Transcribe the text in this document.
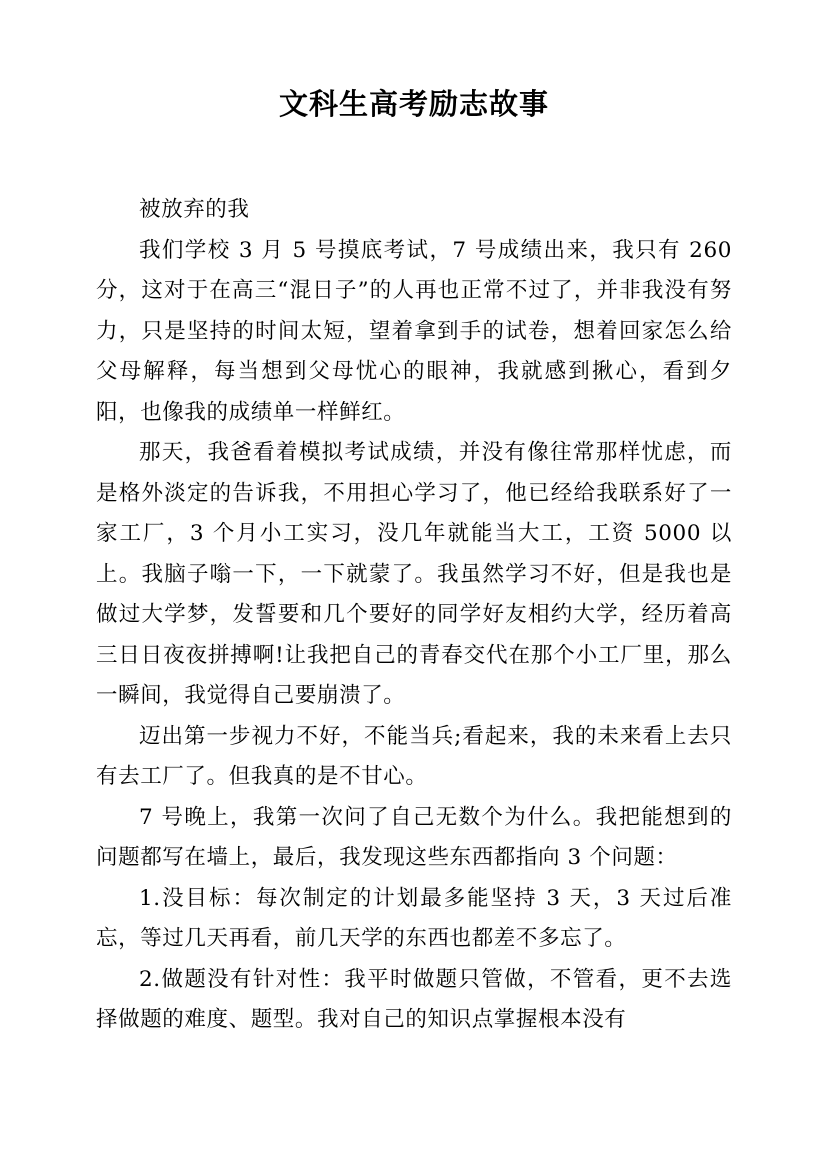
文科生高考励志故事

被放弃的我

我们学校 3 月 5 号摸底考试，7 号成绩出来，我只有 260 分，这对于在高三“混日子”的人再也正常不过了，并非我没有努力，只是坚持的时间太短，望着拿到手的试卷，想着回家怎么给父母解释，每当想到父母忧心的眼神，我就感到揪心，看到夕阳，也像我的成绩单一样鲜红。

那天，我爸看着模拟考试成绩，并没有像往常那样忧虑，而是格外淡定的告诉我，不用担心学习了，他已经给我联系好了一家工厂，3 个月小工实习，没几年就能当大工，工资 5000 以上。我脑子嗡一下，一下就蒙了。我虽然学习不好，但是我也是做过大学梦，发誓要和几个要好的同学好友相约大学，经历着高三日日夜夜拼搏啊!让我把自己的青春交代在那个小工厂里，那么一瞬间，我觉得自己要崩溃了。

迈出第一步视力不好，不能当兵;看起来，我的未来看上去只有去工厂了。但我真的是不甘心。

7 号晚上，我第一次问了自己无数个为什么。我把能想到的问题都写在墙上，最后，我发现这些东西都指向 3 个问题：

1.没目标：每次制定的计划最多能坚持 3 天，3 天过后准忘，等过几天再看，前几天学的东西也都差不多忘了。

2.做题没有针对性：我平时做题只管做，不管看，更不去选择做题的难度、题型。我对自己的知识点掌握根本没有
